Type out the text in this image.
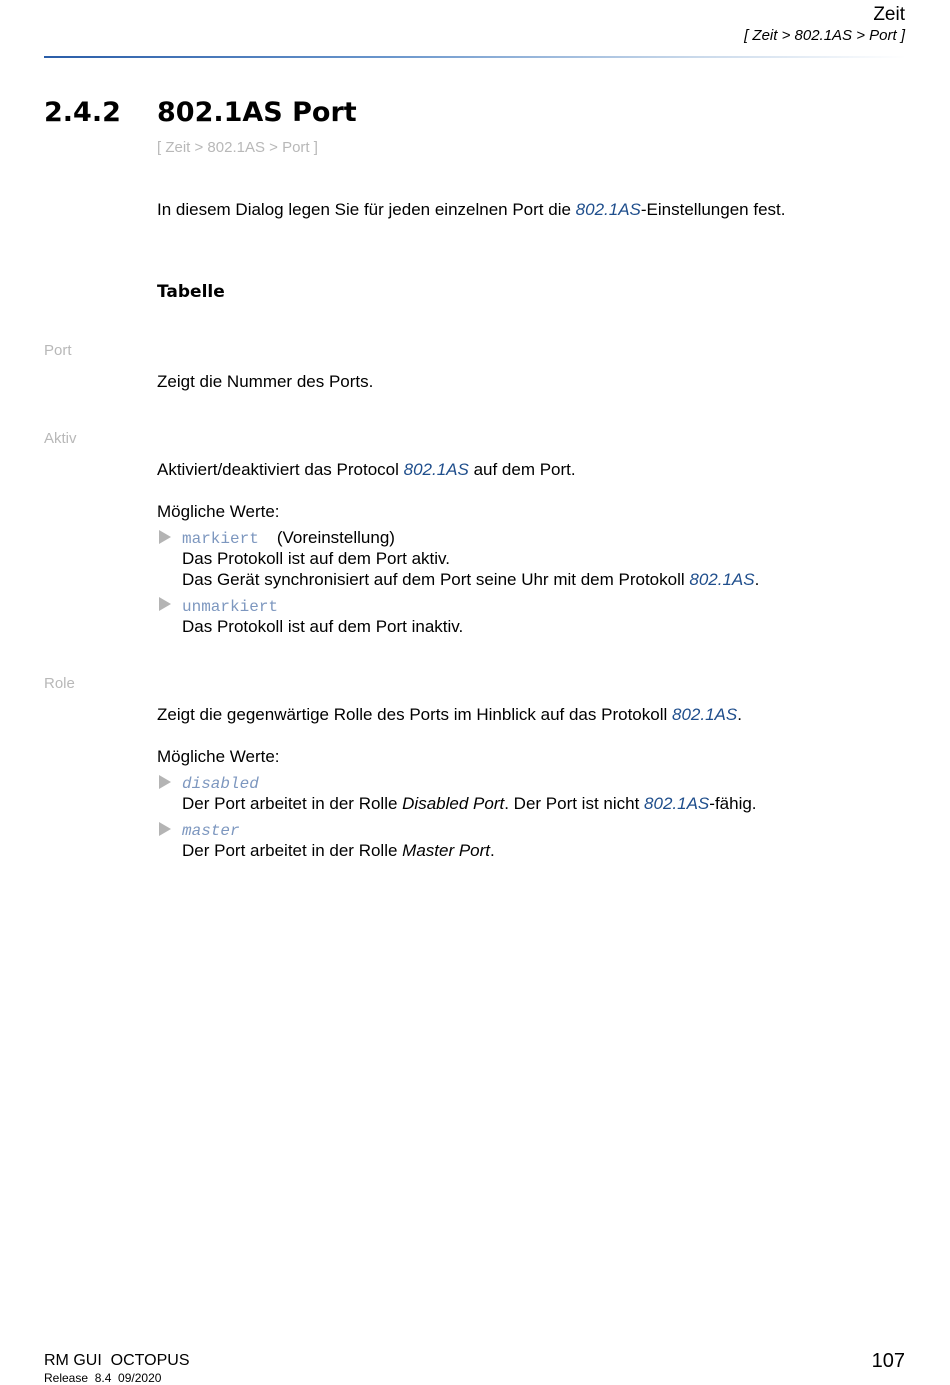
Zeit
[ Zeit > 802.1AS > Port ]
2.4.2 802.1AS Port
[ Zeit > 802.1AS > Port ]
In diesem Dialog legen Sie für jeden einzelnen Port die 802.1AS-Einstellungen fest.
Tabelle
Port
Zeigt die Nummer des Ports.
Aktiv
Aktiviert/deaktiviert das Protocol 802.1AS auf dem Port.
Mögliche Werte:
markiert (Voreinstellung)
Das Protokoll ist auf dem Port aktiv.
Das Gerät synchronisiert auf dem Port seine Uhr mit dem Protokoll 802.1AS.
unmarkiert
Das Protokoll ist auf dem Port inaktiv.
Role
Zeigt die gegenwärtige Rolle des Ports im Hinblick auf das Protokoll 802.1AS.
Mögliche Werte:
disabled
Der Port arbeitet in der Rolle Disabled Port. Der Port ist nicht 802.1AS-fähig.
master
Der Port arbeitet in der Rolle Master Port.
RM GUI  OCTOPUS
Release  8.4  09/2020
107
